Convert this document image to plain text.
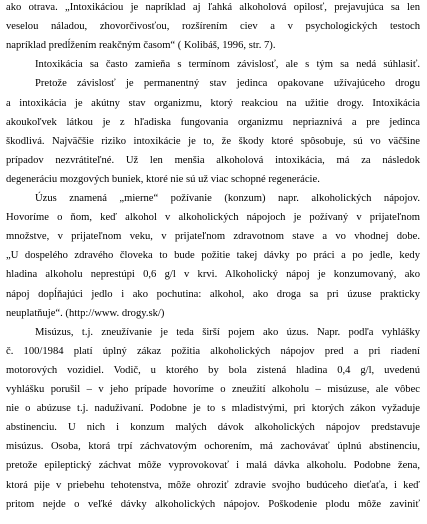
ako otrava. „Intoxikáciou je napríklad aj ľahká alkoholová opilosť, prejavujúca sa len
veselou náladou, zhovorčivosťou, rozšírením ciev a v psychologických testoch
napríklad predĺžením reakčným časom“ ( Kolibáš, 1996, str. 7).
Intoxikácia sa často zamieňa s termínom závislosť, ale s tým sa nedá súhlasiť.
Pretože závislosť je permanentný stav jedinca opakovane užívajúceho drogu
a intoxikácia je akútny stav organizmu, ktorý reakciou na užitie drogy. Intoxikácia
akoukoľvek látkou je z hľadiska fungovania organizmu nepriaznivá a pre jedinca
škodlivá. Najväčšie riziko intoxikácie je to, že škody ktoré spôsobuje, sú vo väčšine
prípadov nezvrátiteľné. Už len menšia alkoholová intoxikácia, má za následok
degeneráciu mozgových buniek, ktoré nie sú už viac schopné regenerácie.
Úzus znamená „mierne“ požívanie (konzum) napr. alkoholických nápojov.
Hovoríme o ňom, keď alkohol v alkoholických nápojoch je požívaný v prijateľnom
množstve, v prijateľnom veku, v prijateľnom zdravotnom stave a vo vhodnej dobe.
„U dospelého zdravého človeka to bude požitie takej dávky po práci a po jedle, kedy
hladina alkoholu neprestúpi 0,6 g/l v krvi. Alkoholický nápoj je konzumovaný, ako
nápoj dopĺňajúci jedlo i ako pochutina: alkohol, ako droga sa pri úzuse prakticky
neuplatňuje“. (http://www. drogy.sk/)
Misúzus, t.j. zneužívanie je teda širší pojem ako úzus. Napr. podľa vyhlášky
č. 100/1984 platí úplný zákaz požitia alkoholických nápojov pred a pri riadení
motorových vozidiel. Vodič, u ktorého by bola zistená hladina 0,4 g/l, uvedenú
vyhlášku porušil – v jeho prípade hovoríme o zneužití alkoholu – misúzuse, ale vôbec
nie o abúzuse t.j. naduživaní. Podobne je to s mladistvými, pri ktorých zákon vyžaduje
abstinenciu. U nich i konzum malých dávok alkoholických nápojov predstavuje
misúzus. Osoba, ktorá trpí záchvatovým ochorením, má zachovávať úplnú abstinenciu,
pretože epileptický záchvat môže vyprovokovať i malá dávka alkoholu. Podobne žena,
ktorá pije v priebehu tehotenstva, môže ohroziť zdravie svojho budúceho dieťaťa, i keď
pritom nejde o veľké dávky alkoholických nápojov. Poškodenie plodu môže zaviniť
